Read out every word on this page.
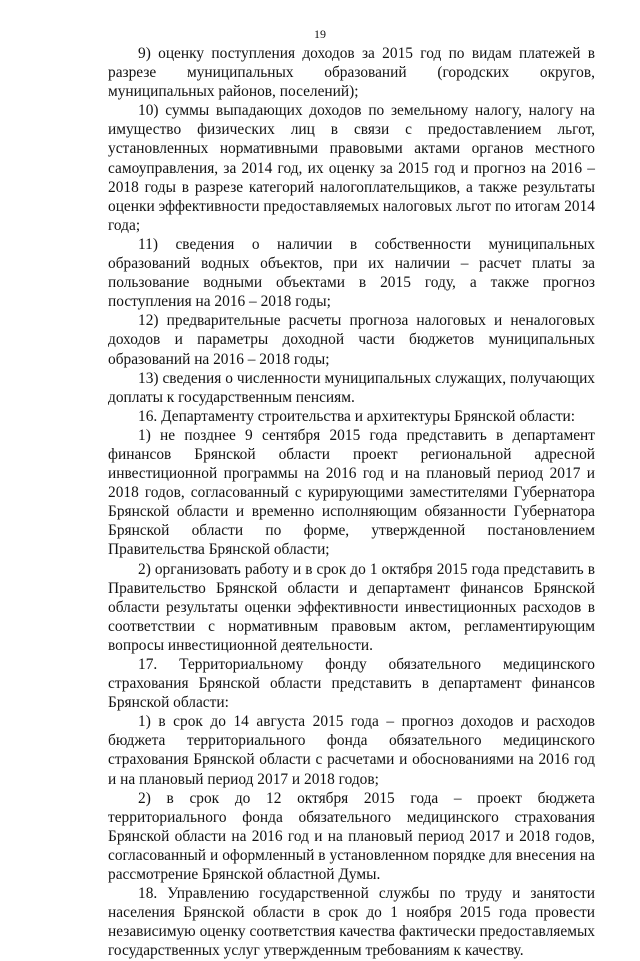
19

9) оценку поступления доходов за 2015 год по видам платежей в разрезе муниципальных образований (городских округов, муниципальных районов, поселений);

10) суммы выпадающих доходов по земельному налогу, налогу на имущество физических лиц в связи с предоставлением льгот, установленных нормативными правовыми актами органов местного самоуправления, за 2014 год, их оценку за 2015 год и прогноз на 2016 – 2018 годы в разрезе категорий налогоплательщиков, а также результаты оценки эффективности предоставляемых налоговых льгот по итогам 2014 года;

11) сведения о наличии в собственности муниципальных образований водных объектов, при их наличии – расчет платы за пользование водными объектами в 2015 году, а также прогноз поступления на 2016 – 2018 годы;

12) предварительные расчеты прогноза налоговых и неналоговых доходов и параметры доходной части бюджетов муниципальных образований на 2016 – 2018 годы;

13) сведения о численности муниципальных служащих, получающих доплаты к государственным пенсиям.

16. Департаменту строительства и архитектуры Брянской области:

1) не позднее 9 сентября 2015 года представить в департамент финансов Брянской области проект региональной адресной инвестиционной программы на 2016 год и на плановый период 2017 и 2018 годов, согласованный с курирующими заместителями Губернатора Брянской области и временно исполняющим обязанности Губернатора Брянской области по форме, утвержденной постановлением Правительства Брянской области;

2) организовать работу и в срок до 1 октября 2015 года представить в Правительство Брянской области и департамент финансов Брянской области результаты оценки эффективности инвестиционных расходов в соответствии с нормативным правовым актом, регламентирующим вопросы инвестиционной деятельности.

17. Территориальному фонду обязательного медицинского страхования Брянской области представить в департамент финансов Брянской области:

1) в срок до 14 августа 2015 года – прогноз доходов и расходов бюджета территориального фонда обязательного медицинского страхования Брянской области с расчетами и обоснованиями на 2016 год и на плановый период 2017 и 2018 годов;

2) в срок до 12 октября 2015 года – проект бюджета территориального фонда обязательного медицинского страхования Брянской области на 2016 год и на плановый период 2017 и 2018 годов, согласованный и оформленный в установленном порядке для внесения на рассмотрение Брянской областной Думы.

18. Управлению государственной службы по труду и занятости населения Брянской области в срок до 1 ноября 2015 года провести независимую оценку соответствия качества фактически предоставляемых государственных услуг утвержденным требованиям к качеству.
